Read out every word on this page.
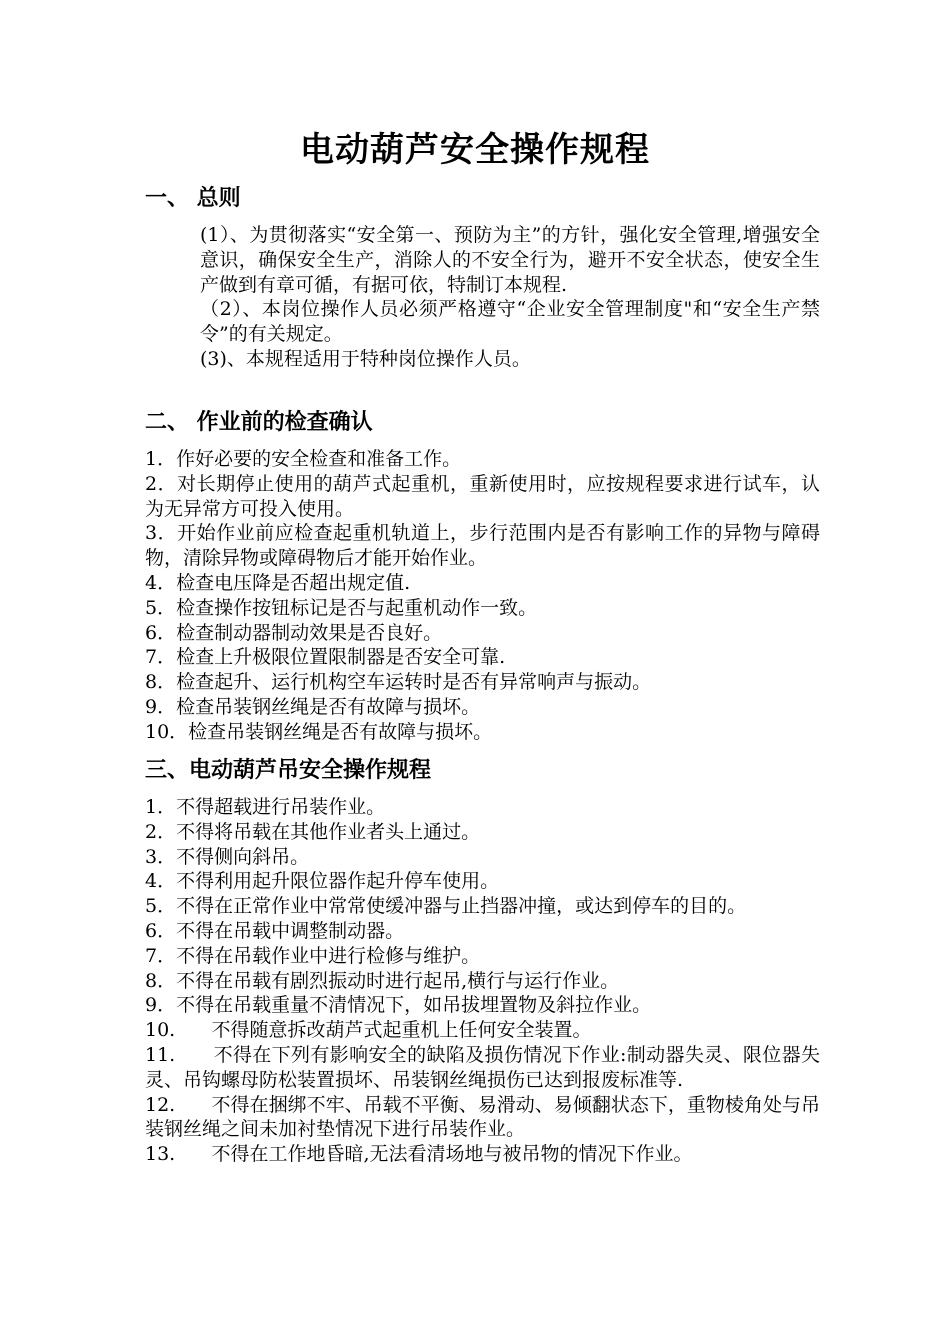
电动葫芦安全操作规程
一、 总则

(1）、为贯彻落实“安全第一、预防为主”的方针，强化安全管理,增强安全意识，确保安全生产，消除人的不安全行为，避开不安全状态，使安全生产做到有章可循，有据可依，特制订本规程.

（2）、本岗位操作人员必须严格遵守“企业安全管理制度"和“安全生产禁令”的有关规定。

(3)、本规程适用于特种岗位操作人员。

二、 作业前的检查确认

1．作好必要的安全检查和准备工作。

2．对长期停止使用的葫芦式起重机，重新使用时，应按规程要求进行试车，认为无异常方可投入使用。

3．开始作业前应检查起重机轨道上，步行范围内是否有影响工作的异物与障碍物，清除异物或障碍物后才能开始作业。

4．检查电压降是否超出规定值.

5．检查操作按钮标记是否与起重机动作一致。

6．检查制动器制动效果是否良好。

7．检查上升极限位置限制器是否安全可靠.

8．检查起升、运行机构空车运转时是否有异常响声与振动。

9．检查吊装钢丝绳是否有故障与损坏。

10．检查吊装钢丝绳是否有故障与损坏。

三、电动葫芦吊安全操作规程

1．不得超载进行吊装作业。

2．不得将吊载在其他作业者头上通过。

3．不得侧向斜吊。

4．不得利用起升限位器作起升停车使用。

5．不得在正常作业中常常使缓冲器与止挡器冲撞，或达到停车的目的。

6．不得在吊载中调整制动器。

7．不得在吊载作业中进行检修与维护。

8．不得在吊载有剧烈振动时进行起吊,横行与运行作业。

9．不得在吊载重量不清情况下，如吊拔埋置物及斜拉作业。

10.      不得随意拆改葫芦式起重机上任何安全装置。

11.      不得在下列有影响安全的缺陷及损伤情况下作业:制动器失灵、限位器失灵、吊钩螺母防松装置损坏、吊装钢丝绳损伤已达到报废标准等.

12.      不得在捆绑不牢、吊载不平衡、易滑动、易倾翻状态下，重物棱角处与吊装钢丝绳之间未加衬垫情况下进行吊装作业。

13.      不得在工作地昏暗,无法看清场地与被吊物的情况下作业。
